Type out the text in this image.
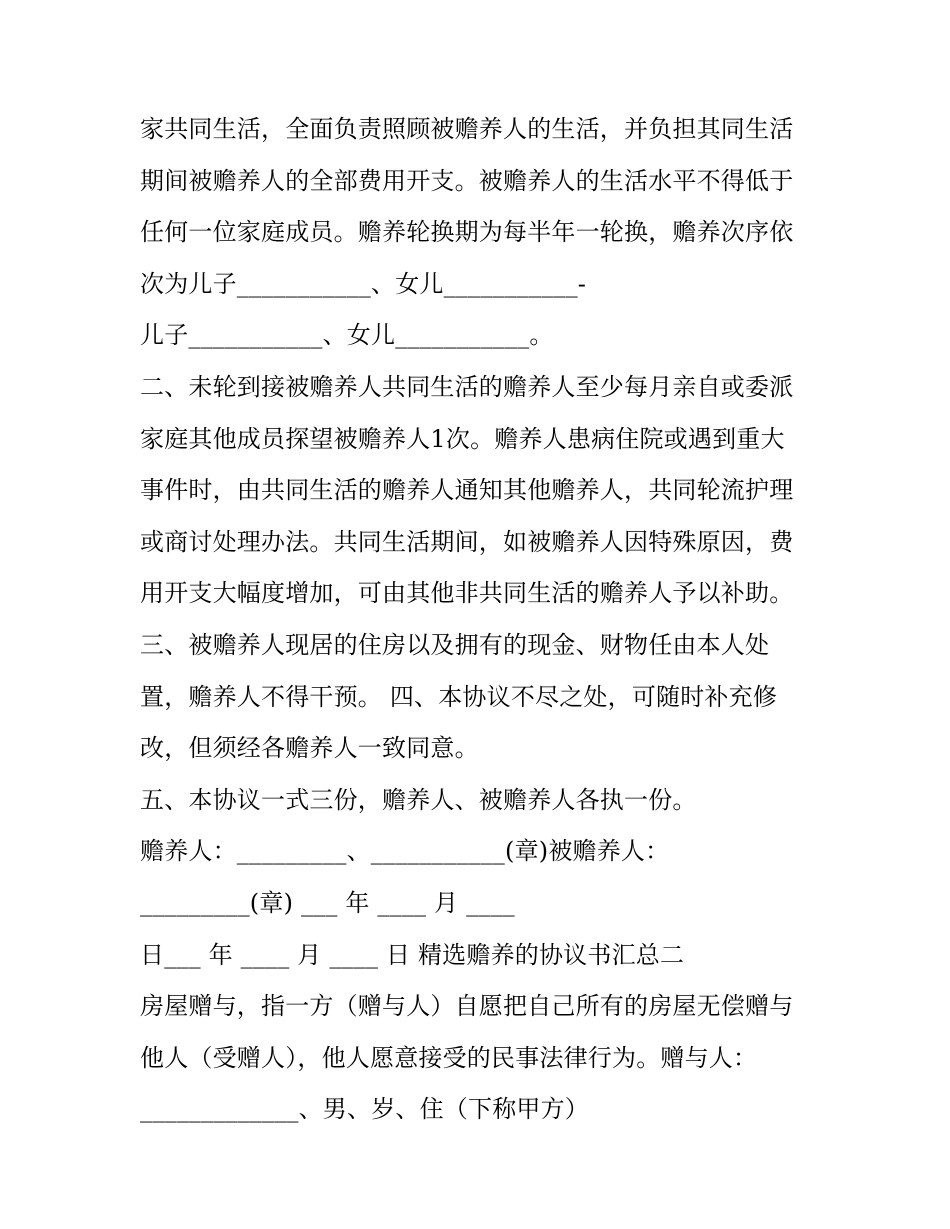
家共同生活，全面负责照顾被赡养人的生活，并负担其同生活
期间被赡养人的全部费用开支。被赡养人的生活水平不得低于
任何一位家庭成员。赡养轮换期为每半年一轮换，赡养次序依
次为儿子___________、女儿___________-
儿子___________、女儿___________。
二、未轮到接被赡养人共同生活的赡养人至少每月亲自或委派
家庭其他成员探望被赡养人1次。赡养人患病住院或遇到重大
事件时，由共同生活的赡养人通知其他赡养人，共同轮流护理
或商讨处理办法。共同生活期间，如被赡养人因特殊原因，费
用开支大幅度增加，可由其他非共同生活的赡养人予以补助。
三、被赡养人现居的住房以及拥有的现金、财物任由本人处
置，赡养人不得干预。 四、本协议不尽之处，可随时补充修
改，但须经各赡养人一致同意。
五、本协议一式三份，赡养人、被赡养人各执一份。
赡养人：_________、___________(章)被赡养人：
_________(章) ___ 年 ____ 月 ____
日___ 年 ____ 月 ____ 日 精选赡养的协议书汇总二
房屋赠与，指一方（赠与人）自愿把自己所有的房屋无偿赠与
他人（受赠人），他人愿意接受的民事法律行为。赠与人：
_____________、男、岁、住（下称甲方）
